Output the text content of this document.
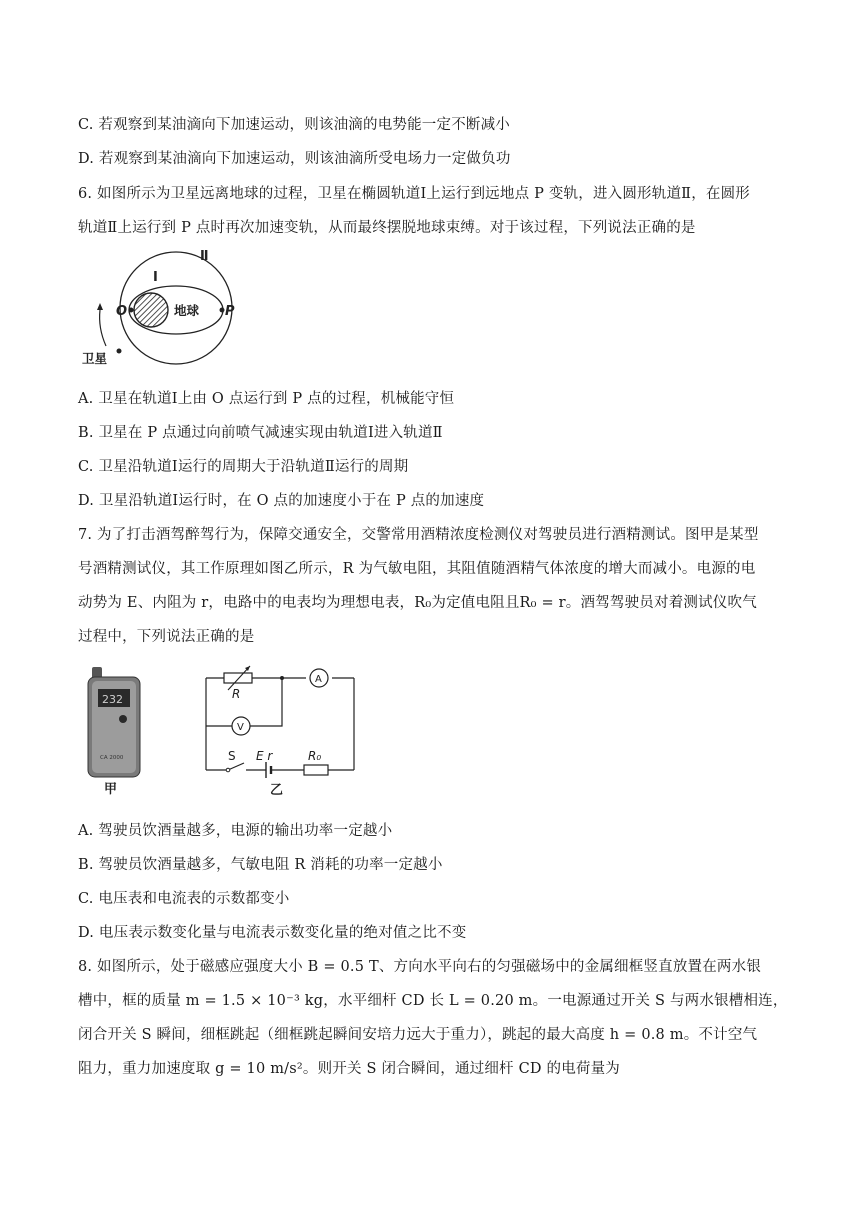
C. 若观察到某油滴向下加速运动，则该油滴的电势能一定不断减小
D. 若观察到某油滴向下加速运动，则该油滴所受电场力一定做负功
6. 如图所示为卫星远离地球的过程，卫星在椭圆轨道Ⅰ上运行到远地点 P 变轨，进入圆形轨道Ⅱ，在圆形
轨道Ⅱ上运行到 P 点时再次加速变轨，从而最终摆脱地球束缚。对于该过程，下列说法正确的是
Ⅰ
Ⅱ
O	P
地球
卫星
A. 卫星在轨道Ⅰ上由 O 点运行到 P 点的过程，机械能守恒
B. 卫星在 P 点通过向前喷气减速实现由轨道Ⅰ进入轨道Ⅱ
C. 卫星沿轨道Ⅰ运行的周期大于沿轨道Ⅱ运行的周期
D. 卫星沿轨道Ⅰ运行时，在 O 点的加速度小于在 P 点的加速度
7. 为了打击酒驾醉驾行为，保障交通安全，交警常用酒精浓度检测仪对驾驶员进行酒精测试。图甲是某型
号酒精测试仪，其工作原理如图乙所示，R 为气敏电阻，其阻值随酒精气体浓度的增大而减小。电源的电
动势为 E、内阻为 r，电路中的电表均为理想电表，R₀为定值电阻且R₀ = r。酒驾驾驶员对着测试仪吹气
过程中，下列说法正确的是
232
CA 2000
甲
A
V
R
S E r	R₀
乙
A. 驾驶员饮酒量越多，电源的输出功率一定越小
B. 驾驶员饮酒量越多，气敏电阻 R 消耗的功率一定越小
C. 电压表和电流表的示数都变小
D. 电压表示数变化量与电流表示数变化量的绝对值之比不变
8. 如图所示，处于磁感应强度大小 B = 0.5 T、方向水平向右的匀强磁场中的金属细框竖直放置在两水银
槽中，框的质量 m = 1.5 × 10⁻³ kg，水平细杆 CD 长 L = 0.20 m。一电源通过开关 S 与两水银槽相连，
闭合开关 S 瞬间，细框跳起（细框跳起瞬间安培力远大于重力），跳起的最大高度 h = 0.8 m。不计空气
阻力，重力加速度取 g = 10 m/s²。则开关 S 闭合瞬间，通过细杆 CD 的电荷量为
